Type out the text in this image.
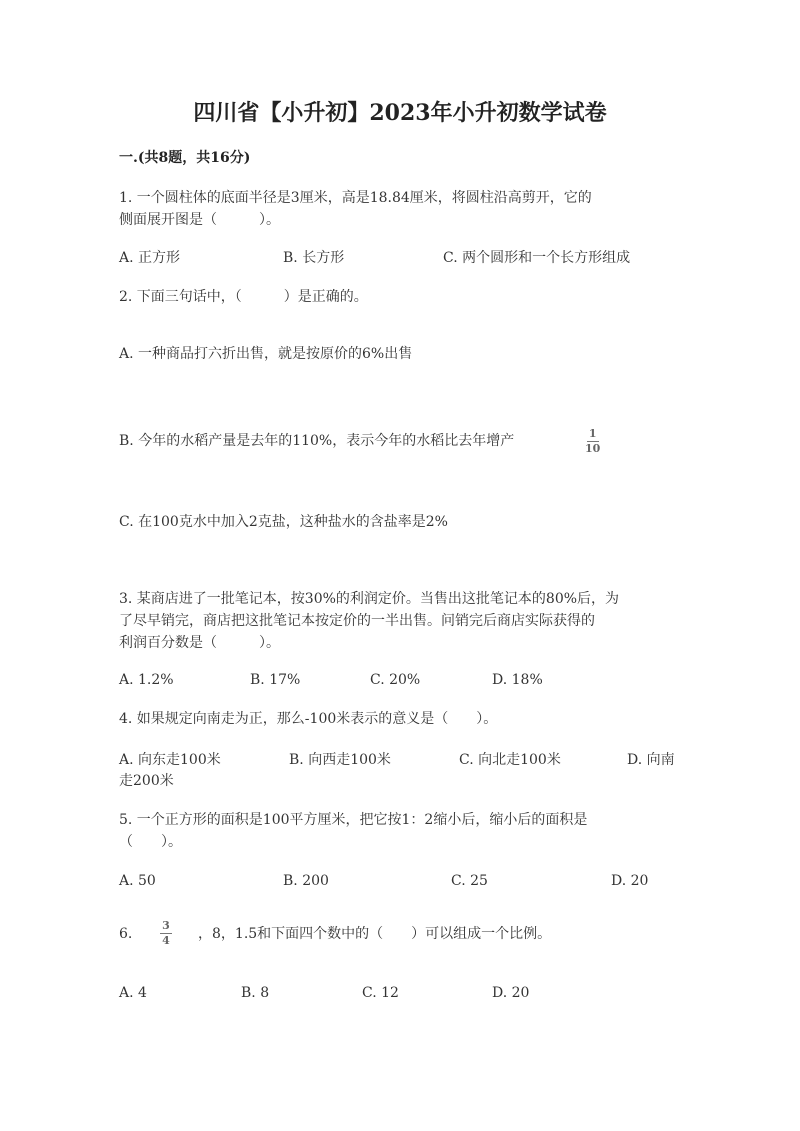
四川省【小升初】2023年小升初数学试卷
一.(共8题，共16分)
1. 一个圆柱体的底面半径是3厘米，高是18.84厘米，将圆柱沿高剪开，它的
侧面展开图是（　　　）。
A. 正方形	B. 长方形	C. 两个圆形和一个长方形组成
2. 下面三句话中，（　　　）是正确的。
A. 一种商品打六折出售，就是按原价的6%出售
B. 今年的水稻产量是去年的110%，表示今年的水稻比去年增产	1
10
C. 在100克水中加入2克盐，这种盐水的含盐率是2%
3. 某商店进了一批笔记本，按30%的利润定价。当售出这批笔记本的80%后，为
了尽早销完，商店把这批笔记本按定价的一半出售。问销完后商店实际获得的
利润百分数是（　　　）。
A. 1.2%	B. 17%	C. 20%	D. 18%
4. 如果规定向南走为正，那么-100米表示的意义是（　　）。
A. 向东走100米	B. 向西走100米	C. 向北走100米	D. 向南
走200米
5. 一个正方形的面积是100平方厘米，把它按1：2缩小后，缩小后的面积是
（　　）。
A. 50	B. 200	C. 25	D. 20
6.
3
4 ，8，1.5和下面四个数中的（　　）可以组成一个比例。
A. 4	B. 8	C. 12	D. 20
